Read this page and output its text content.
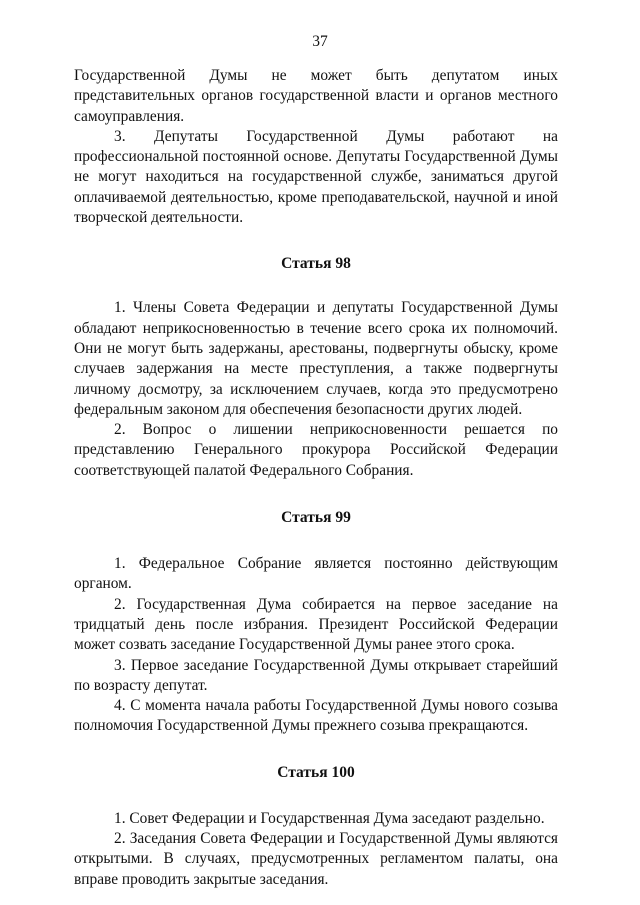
37

Государственной Думы не может быть депутатом иных представительных органов государственной власти и органов местного самоуправления.

3. Депутаты Государственной Думы работают на профессиональной постоянной основе. Депутаты Государственной Думы не могут находиться на государственной службе, заниматься другой оплачиваемой деятельностью, кроме преподавательской, научной и иной творческой деятельности.

Статья 98

1. Члены Совета Федерации и депутаты Государственной Думы обладают неприкосновенностью в течение всего срока их полномочий. Они не могут быть задержаны, арестованы, подвергнуты обыску, кроме случаев задержания на месте преступления, а также подвергнуты личному досмотру, за исключением случаев, когда это предусмотрено федеральным законом для обеспечения безопасности других людей.

2. Вопрос о лишении неприкосновенности решается по представлению Генерального прокурора Российской Федерации соответствующей палатой Федерального Собрания.

Статья 99

1. Федеральное Собрание является постоянно действующим органом.

2. Государственная Дума собирается на первое заседание на тридцатый день после избрания. Президент Российской Федерации может созвать заседание Государственной Думы ранее этого срока.

3. Первое заседание Государственной Думы открывает старейший по возрасту депутат.

4. С момента начала работы Государственной Думы нового созыва полномочия Государственной Думы прежнего созыва прекращаются.

Статья 100

1. Совет Федерации и Государственная Дума заседают раздельно.

2. Заседания Совета Федерации и Государственной Думы являются открытыми. В случаях, предусмотренных регламентом палаты, она вправе проводить закрытые заседания.
